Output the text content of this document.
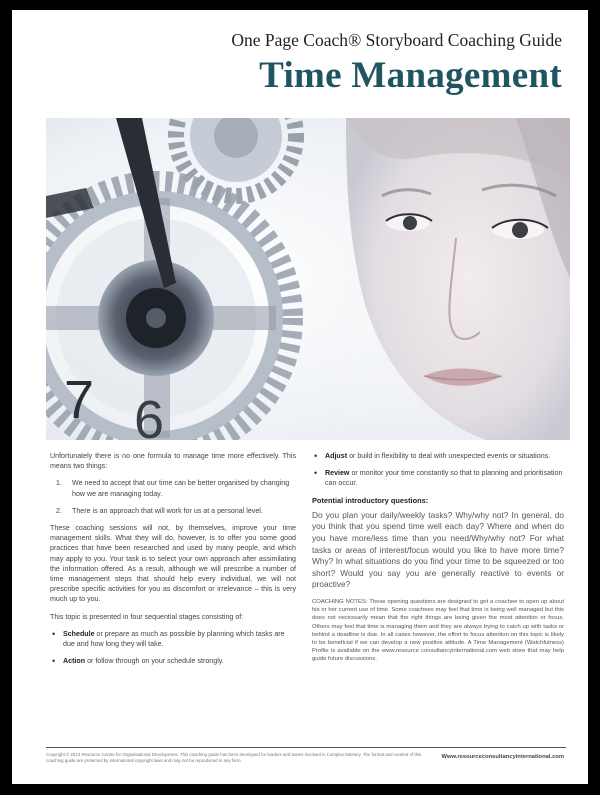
One Page Coach® Storyboard Coaching Guide
Time Management
7 6

Unfortunately there is no one formula to manage time more effectively. This means two things:

1. We need to accept that our time can be better organised by changing how we are managing today.
2. There is an approach that will work for us at a personal level.

These coaching sessions will not, by themselves, improve your time management skills. What they will do, however, is to offer you some good practices that have been researched and used by many people, and which may apply to you. Your task is to select your own approach after assimilating the information offered. As a result, although we will prescribe a number of time management steps that should help every individual, we will not prescribe specific activities for you as discomfort or irrelevance – this is very much up to you.

This topic is presented in four sequential stages consisting of:

• Schedule or prepare as much as possible by planning which tasks are due and how long they will take.
• Action or follow through on your schedule strongly.
• Adjust or build in flexibility to deal with unexpected events or situations.
• Review or monitor your time constantly so that to planning and prioritisation can occur.
Potential introductory questions:

Do you plan your daily/weekly tasks? Why/why not? In general, do you think that you spend time well each day? Where and when do you have more/less time than you need/Why/why not? For what tasks or areas of interest/focus would you like to have more time? Why? In what situations do you find your time to be squeezed or too short? Would you say you are generally reactive to events or proactive?

COACHING NOTES: These opening questions are designed to get a coachee to open up about his or her current use of time. Some coachees may feel that time is being well managed but this does not necessarily mean that the right things are being given the most attention or focus. Others may feel that time is managing them and they are always trying to catch up with tasks or behind a deadline is due. In all cases however, the effort to focus attention on this topic is likely to be beneficial if we can develop a new positive attitude. A Time Management (Watchfulness) Profile is available on the www.resource consultancyinternational.com web store that may help guide future discussions.

Copyright © 2013 Resource Centre for Organisational Development. This coaching guide has been developed for leaders and teams involved in Complex Mastery. The format and content of this coaching guide are protected by international copyright laws and may not be reproduced in any form.
Www.resourceconsultancyinternational.com
